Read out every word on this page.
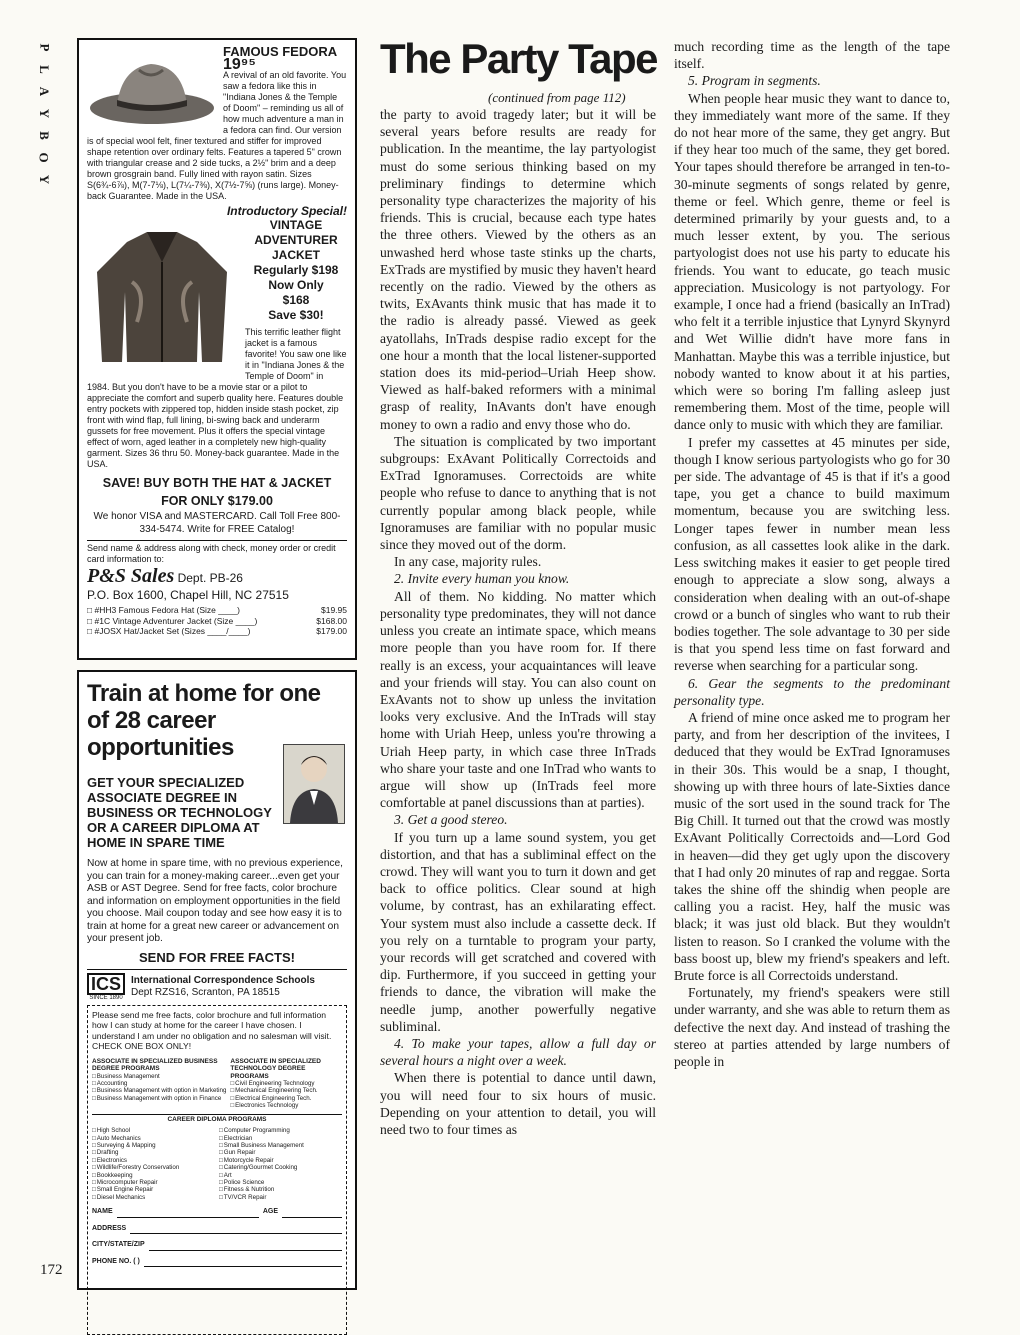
P
L
A
Y
B
O
Y
172
FAMOUS FEDORA
19⁹⁵
A revival of an old favorite. You saw a fedora like this in "Indiana Jones & the Temple of Doom" – reminding us all of how much adventure a man in a fedora can find. Our version is of special wool felt, finer textured and stiffer for improved shape retention over ordinary felts. Features a tapered 5" crown with triangular crease and 2 side tucks, a 2½" brim and a deep brown grosgrain band. Fully lined with rayon satin. Sizes S(6¾-6⅞), M(7-7⅛), L(7¼-7⅜), X(7½-7⅝) (runs large). Money-back Guarantee. Made in the USA.
Introductory Special!
VINTAGE
ADVENTURER
JACKET
Regularly $198
Now Only
$168
Save $30!
This terrific leather flight jacket is a famous favorite! You saw one like it in "Indiana Jones & the Temple of Doom" in 1984. But you don't have to be a movie star or a pilot to appreciate the comfort and superb quality here. Features double entry pockets with zippered top, hidden inside stash pocket, zip front with wind flap, full lining, bi-swing back and underarm gussets for free movement. Plus it offers the special vintage effect of worn, aged leather in a completely new high-quality garment. Sizes 36 thru 50. Money-back guarantee. Made in the USA.
SAVE! BUY BOTH THE HAT & JACKET
FOR ONLY $179.00
We honor VISA and MASTERCARD. Call Toll Free 800-334-5474. Write for FREE Catalog!
Send name & address along with check, money order or credit card information to:
P&S Sales Dept. PB-26
P.O. Box 1600, Chapel Hill, NC 27515
□ #HH3 Famous Fedora Hat (Size ____)	$19.95
□ #1C Vintage Adventurer Jacket (Size ____)	$168.00
□ #JOSX Hat/Jacket Set (Sizes ____/____)	$179.00
Train at home for one of 28 career opportunities
GET YOUR SPECIALIZED ASSOCIATE DEGREE IN BUSINESS OR TECHNOLOGY OR A CAREER DIPLOMA AT HOME IN SPARE TIME
Now at home in spare time, with no previous experience, you can train for a money-making career...even get your ASB or AST Degree. Send for free facts, color brochure and information on employment opportunities in the field you choose. Mail coupon today and see how easy it is to train at home for a great new career or advancement on your present job.
SEND FOR FREE FACTS!
ICS
SINCE 1890
International Correspondence Schools
Dept RZS16, Scranton, PA 18515
Please send me free facts, color brochure and full information how I can study at home for the career I have chosen. I understand I am under no obligation and no salesman will visit. CHECK ONE BOX ONLY!
ASSOCIATE IN SPECIALIZED BUSINESS DEGREE PROGRAMS
□ Business Management
□ Accounting
□ Business Management with option in Marketing
□ Business Management with option in Finance
ASSOCIATE IN SPECIALIZED TECHNOLOGY DEGREE PROGRAMS
□ Civil Engineering Technology
□ Mechanical Engineering Tech.
□ Electrical Engineering Tech.
□ Electronics Technology
CAREER DIPLOMA PROGRAMS
□ High School
□ Auto Mechanics
□ Surveying & Mapping
□ Drafting
□ Electronics
□ Wildlife/Forestry Conservation
□ Bookkeeping
□ Microcomputer Repair
□ Small Engine Repair
□ Diesel Mechanics
□ Computer Programming
□ Electrician
□ Small Business Management
□ Gun Repair
□ Motorcycle Repair
□ Catering/Gourmet Cooking
□ Art
□ Police Science
□ Fitness & Nutrition
□ TV/VCR Repair
NAME	AGE
ADDRESS
CITY/STATE/ZIP
PHONE NO. ( )
The Party Tape
(continued from page 112)

the party to avoid tragedy later; but it will be several years before results are ready for publication. In the meantime, the lay partyologist must do some serious thinking based on my preliminary findings to determine which personality type characterizes the majority of his friends. This is crucial, because each type hates the three others. Viewed by the others as an unwashed herd whose taste stinks up the charts, ExTrads are mystified by music they haven't heard recently on the radio. Viewed by the others as twits, ExAvants think music that has made it to the radio is already passé. Viewed as geek ayatollahs, InTrads despise radio except for the one hour a month that the local listener-supported station does its mid-period–Uriah Heep show. Viewed as half-baked reformers with a minimal grasp of reality, InAvants don't have enough money to own a radio and envy those who do.

The situation is complicated by two important subgroups: ExAvant Politically Correctoids and ExTrad Ignoramuses. Correctoids are white people who refuse to dance to anything that is not currently popular among black people, while Ignoramuses are familiar with no popular music since they moved out of the dorm.

In any case, majority rules.

2. Invite every human you know.

All of them. No kidding. No matter which personality type predominates, they will not dance unless you create an intimate space, which means more people than you have room for. If there really is an excess, your acquaintances will leave and your friends will stay. You can also count on ExAvants not to show up unless the invitation looks very exclusive. And the InTrads will stay home with Uriah Heep, unless you're throwing a Uriah Heep party, in which case three InTrads who share your taste and one InTrad who wants to argue will show up (InTrads feel more comfortable at panel discussions than at parties).

3. Get a good stereo.

If you turn up a lame sound system, you get distortion, and that has a subliminal effect on the crowd. They will want you to turn it down and get back to office politics. Clear sound at high volume, by contrast, has an exhilarating effect. Your system must also include a cassette deck. If you rely on a turntable to program your party, your records will get scratched and covered with dip. Furthermore, if you succeed in getting your friends to dance, the vibration will make the needle jump, another powerfully negative subliminal.

4. To make your tapes, allow a full day or several hours a night over a week.

When there is potential to dance until dawn, you will need four to six hours of music. Depending on your attention to detail, you will need two to four times as

much recording time as the length of the tape itself.

5. Program in segments.

When people hear music they want to dance to, they immediately want more of the same. If they do not hear more of the same, they get angry. But if they hear too much of the same, they get bored. Your tapes should therefore be arranged in ten-to-30-minute segments of songs related by genre, theme or feel. Which genre, theme or feel is determined primarily by your guests and, to a much lesser extent, by you. The serious partyologist does not use his party to educate his friends. You want to educate, go teach music appreciation. Musicology is not partyology. For example, I once had a friend (basically an InTrad) who felt it a terrible injustice that Lynyrd Skynyrd and Wet Willie didn't have more fans in Manhattan. Maybe this was a terrible injustice, but nobody wanted to know about it at his parties, which were so boring I'm falling asleep just remembering them. Most of the time, people will dance only to music with which they are familiar.

I prefer my cassettes at 45 minutes per side, though I know serious partyologists who go for 30 per side. The advantage of 45 is that if it's a good tape, you get a chance to build maximum momentum, because you are switching less. Longer tapes fewer in number mean less confusion, as all cassettes look alike in the dark. Less switching makes it easier to get people tired enough to appreciate a slow song, always a consideration when dealing with an out-of-shape crowd or a bunch of singles who want to rub their bodies together. The sole advantage to 30 per side is that you spend less time on fast forward and reverse when searching for a particular song.

6. Gear the segments to the predominant personality type.

A friend of mine once asked me to program her party, and from her description of the invitees, I deduced that they would be ExTrad Ignoramuses in their 30s. This would be a snap, I thought, showing up with three hours of late-Sixties dance music of the sort used in the sound track for The Big Chill. It turned out that the crowd was mostly ExAvant Politically Correctoids and—Lord God in heaven—did they get ugly upon the discovery that I had only 20 minutes of rap and reggae. Sorta takes the shine off the shindig when people are calling you a racist. Hey, half the music was black; it was just old black. But they wouldn't listen to reason. So I cranked the volume with the bass boost up, blew my friend's speakers and left. Brute force is all Correctoids understand.

Fortunately, my friend's speakers were still under warranty, and she was able to return them as defective the next day. And instead of trashing the stereo at parties attended by large numbers of people in
